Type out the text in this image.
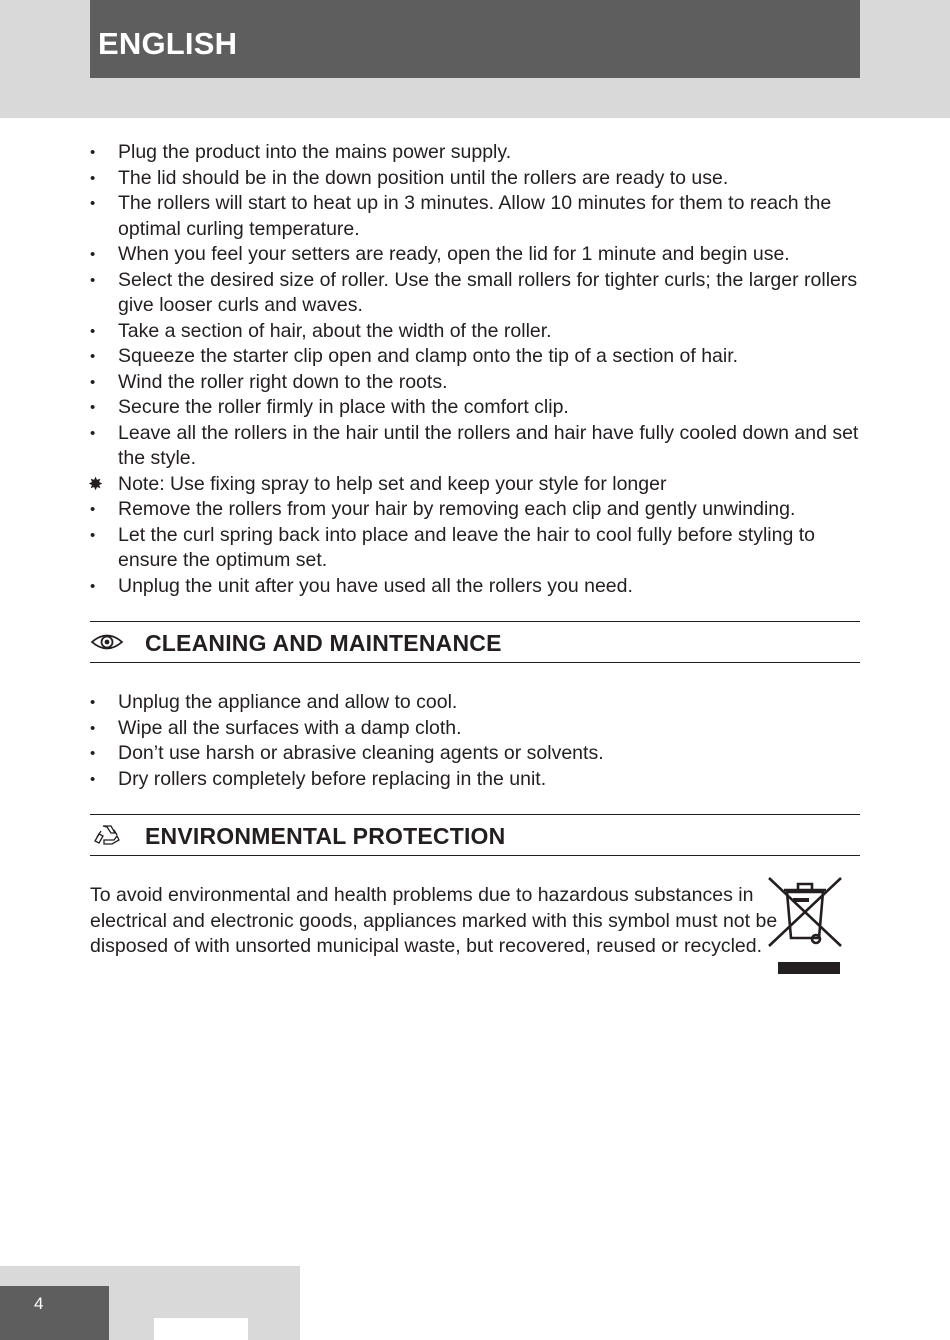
ENGLISH
•	Plug the product into the mains power supply.
•	The lid should be in the down position until the rollers are ready to use.
•	The rollers will start to heat up in 3 minutes. Allow 10 minutes for them to reach the optimal curling temperature.
•	When you feel your setters are ready, open the lid for 1 minute and begin use.
•	Select the desired size of roller. Use the small rollers for tighter curls; the larger rollers give looser curls and waves.
•	Take a section of hair, about the width of the roller.
•	Squeeze the starter clip open and clamp onto the tip of a section of hair.
•	Wind the roller right down to the roots.
•	Secure the roller firmly in place with the comfort clip.
•	Leave all the rollers in the hair until the rollers and hair have fully cooled down and set the style.
✸ Note: Use fixing spray to help set and keep your style for longer
•	Remove the rollers from your hair by removing each clip and gently unwinding.
•	Let the curl spring back into place and leave the hair to cool fully before styling to ensure the optimum set.
•	Unplug the unit after you have used all the rollers you need.
CLEANING AND MAINTENANCE
•	Unplug the appliance and allow to cool.
•	Wipe all the surfaces with a damp cloth.
•	Don’t use harsh or abrasive cleaning agents or solvents.
•	Dry rollers completely before replacing in the unit.
ENVIRONMENTAL PROTECTION
To avoid environmental and health problems due to hazardous substances in electrical and electronic goods, appliances marked with this symbol must not be disposed of with unsorted municipal waste, but recovered, reused or recycled.
4
